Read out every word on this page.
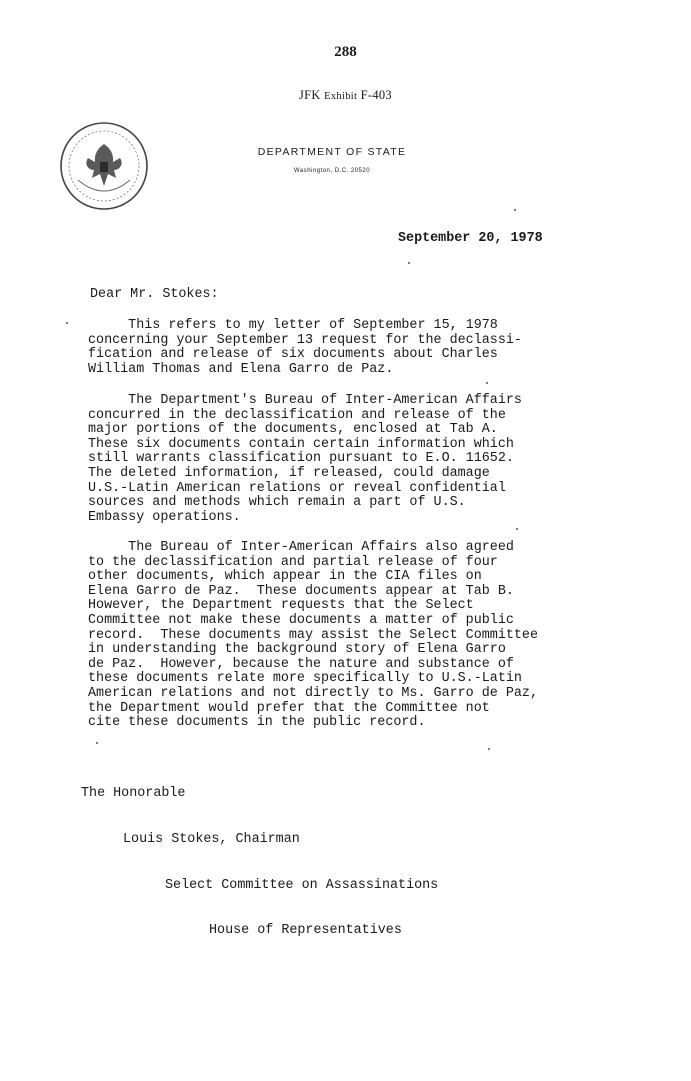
288
JFK Exhibit F-403
DEPARTMENT OF STATE
Washington, D.C. 20520
September 20, 1978
Dear Mr. Stokes:

This refers to my letter of September 15, 1978
concerning your September 13 request for the declassi-
fication and release of six documents about Charles
William Thomas and Elena Garro de Paz.

The Department's Bureau of Inter-American Affairs
concurred in the declassification and release of the
major portions of the documents, enclosed at Tab A.
These six documents contain certain information which
still warrants classification pursuant to E.O. 11652.
The deleted information, if released, could damage
U.S.-Latin American relations or reveal confidential
sources and methods which remain a part of U.S.
Embassy operations.

The Bureau of Inter-American Affairs also agreed
to the declassification and partial release of four
other documents, which appear in the CIA files on
Elena Garro de Paz.  These documents appear at Tab B.
However, the Department requests that the Select
Committee not make these documents a matter of public
record.  These documents may assist the Select Committee
in understanding the background story of Elena Garro
de Paz.  However, because the nature and substance of
these documents relate more specifically to U.S.-Latin
American relations and not directly to Ms. Garro de Paz,
the Department would prefer that the Committee not
cite these documents in the public record.

The Honorable

Louis Stokes, Chairman

Select Committee on Assassinations

House of Representatives
